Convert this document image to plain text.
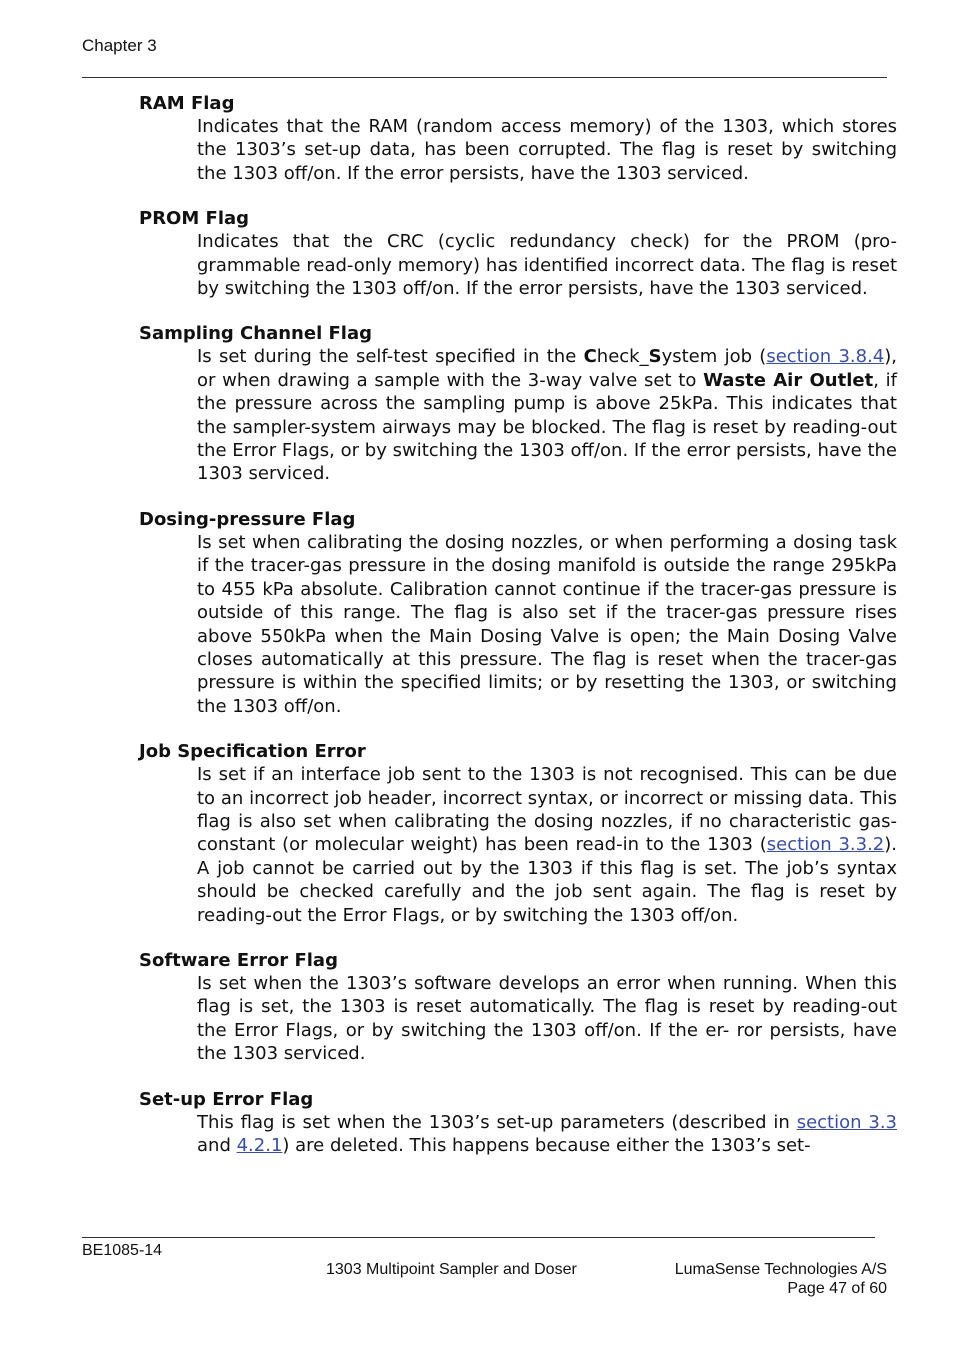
Chapter 3
RAM Flag
Indicates that the RAM (random access memory) of the 1303, which stores the 1303’s set-up data, has been corrupted. The flag is reset by switching the 1303 off/on. If the error persists, have the 1303 serviced.
PROM Flag
Indicates that the CRC (cyclic redundancy check) for the PROM (pro- grammable read-only memory) has identified incorrect data. The flag is reset by switching the 1303 off/on. If the error persists, have the 1303 serviced.
Sampling Channel Flag
Is set during the self-test specified in the Check_System job (section 3.8.4), or when drawing a sample with the 3-way valve set to Waste Air Outlet, if the pressure across the sampling pump is above 25kPa. This indicates that the sampler-system airways may be blocked. The flag is reset by reading-out the Error Flags, or by switching the 1303 off/on. If the error persists, have the 1303 serviced.
Dosing-pressure Flag
Is set when calibrating the dosing nozzles, or when performing a dosing task if the tracer-gas pressure in the dosing manifold is outside the range 295kPa to 455 kPa absolute. Calibration cannot continue if the tracer-gas pressure is outside of this range. The flag is also set if the tracer-gas pressure rises above 550kPa when the Main Dosing Valve is open; the Main Dosing Valve closes automatically at this pressure. The flag is reset when the tracer-gas pressure is within the specified limits; or by resetting the 1303, or switching the 1303 off/on.
Job Specification Error
Is set if an interface job sent to the 1303 is not recognised. This can be due to an incorrect job header, incorrect syntax, or incorrect or missing data. This flag is also set when calibrating the dosing nozzles, if no characteristic gas-constant (or molecular weight) has been read-in to the 1303 (section 3.3.2). A job cannot be carried out by the 1303 if this flag is set. The job’s syntax should be checked carefully and the job sent again. The flag is reset by reading-out the Error Flags, or by switching the 1303 off/on.
Software Error Flag
Is set when the 1303’s software develops an error when running. When this flag is set, the 1303 is reset automatically. The flag is reset by reading-out the Error Flags, or by switching the 1303 off/on. If the er- ror persists, have the 1303 serviced.
Set-up Error Flag
This flag is set when the 1303’s set-up parameters (described in section 3.3 and 4.2.1) are deleted. This happens because either the 1303’s set-
BE1085-14
1303 Multipoint Sampler and Doser	LumaSense Technologies A/S
Page 47 of 60
